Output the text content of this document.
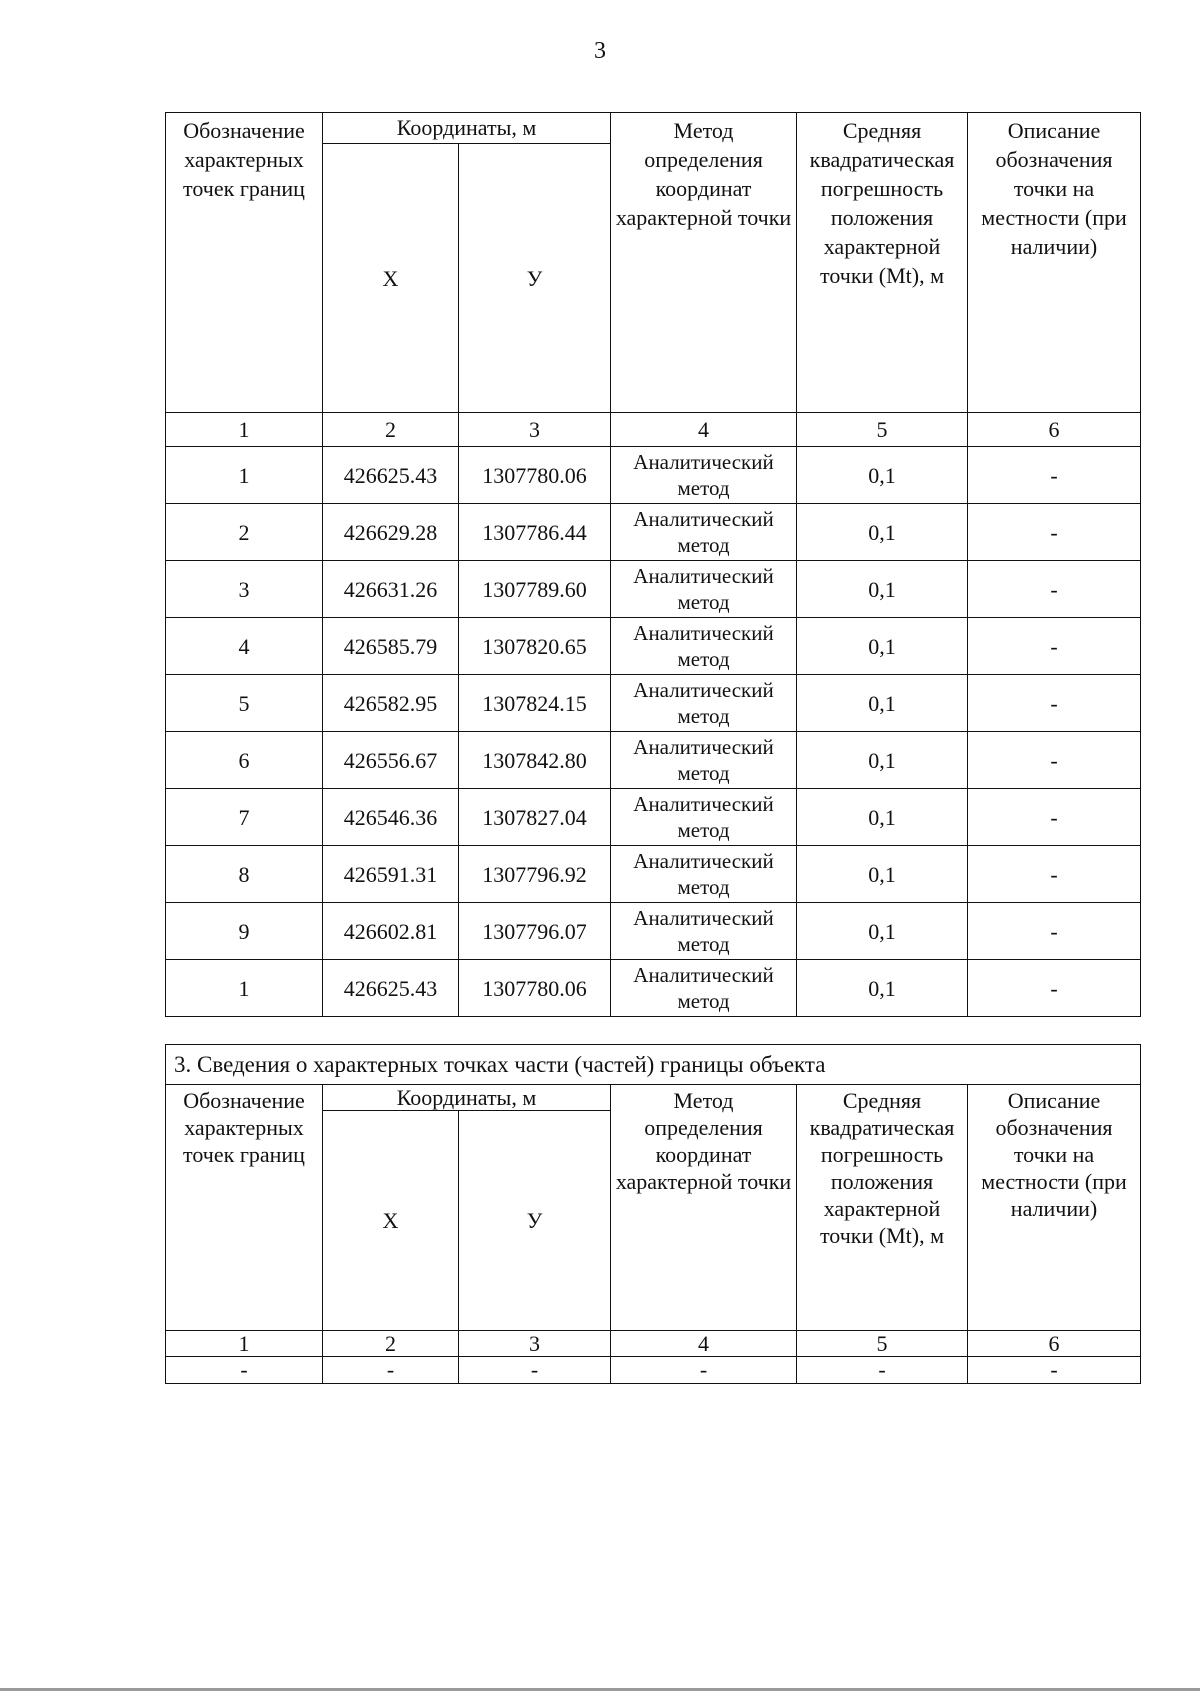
3
Обозначение характерных точек границ	Координаты, м		Метод определения координат характерной точки	Средняя квадратическая погрешность положения характерной точки (Mt), м	Описание обозначения точки на местности (при наличии)
	X	У			
1	2	3	4	5	6
1	426625.43	1307780.06	Аналитический метод	0,1	-
2	426629.28	1307786.44	Аналитический метод	0,1	-
3	426631.26	1307789.60	Аналитический метод	0,1	-
4	426585.79	1307820.65	Аналитический метод	0,1	-
5	426582.95	1307824.15	Аналитический метод	0,1	-
6	426556.67	1307842.80	Аналитический метод	0,1	-
7	426546.36	1307827.04	Аналитический метод	0,1	-
8	426591.31	1307796.92	Аналитический метод	0,1	-
9	426602.81	1307796.07	Аналитический метод	0,1	-
1	426625.43	1307780.06	Аналитический метод	0,1	-
3. Сведения о характерных точках части (частей) границы объекта					
Обозначение характерных точек границ	Координаты, м		Метод определения координат характерной точки	Средняя квадратическая погрешность положения характерной точки (Mt), м	Описание обозначения точки на местности (при наличии)
	X	У			
1	2	3	4	5	6
-	-	-	-	-	-
